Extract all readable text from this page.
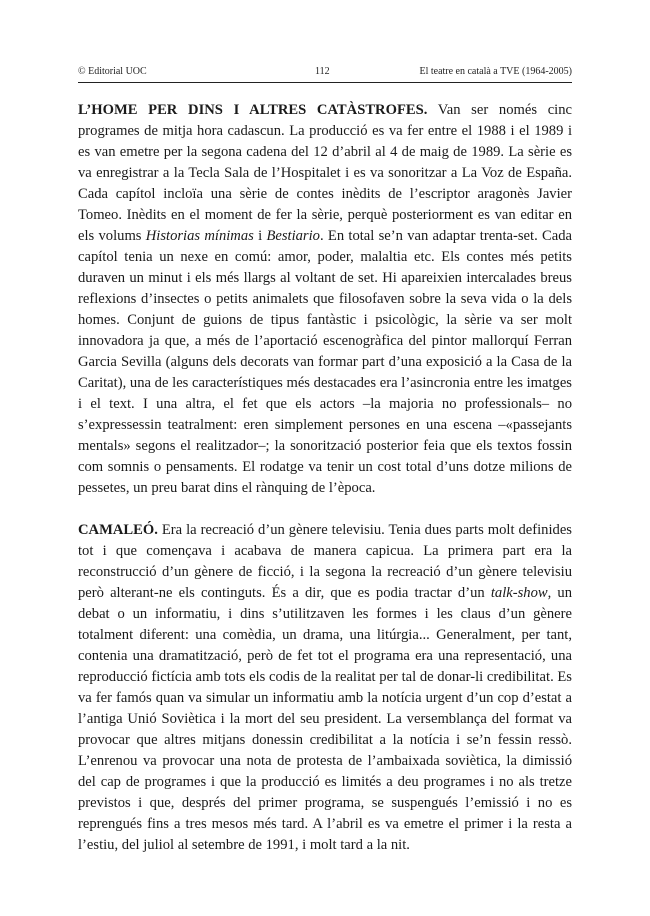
© Editorial UOC	112	El teatre en català a TVE (1964-2005)

L’HOME PER DINS I ALTRES CATÀSTROFES. Van ser només cinc programes de mitja hora cadascun. La producció es va fer entre el 1988 i el 1989 i es van emetre per la segona cadena del 12 d’abril al 4 de maig de 1989. La sèrie es va enregistrar a la Tecla Sala de l’Hospitalet i es va sonoritzar a La Voz de España. Cada capítol incloïa una sèrie de contes inèdits de l’escriptor aragonès Javier Tomeo. Inèdits en el moment de fer la sèrie, perquè posteriorment es van editar en els volums Historias mínimas i Bestiario. En total se’n van adaptar trenta-set. Cada capítol tenia un nexe en comú: amor, poder, malaltia etc. Els contes més petits duraven un minut i els més llargs al voltant de set. Hi apareixien intercalades breus reflexions d’insectes o petits animalets que filosofaven sobre la seva vida o la dels homes. Conjunt de guions de tipus fantàstic i psicològic, la sèrie va ser molt innovadora ja que, a més de l’aportació escenogràfica del pintor mallorquí Ferran Garcia Sevilla (alguns dels decorats van formar part d’una exposició a la Casa de la Caritat), una de les característiques més destacades era l’asincronia entre les imatges i el text. I una altra, el fet que els actors –la majoria no professionals– no s’expressessin teatralment: eren simplement persones en una escena –«passejants mentals» segons el realitzador–; la sonorització posterior feia que els textos fossin com somnis o pensaments. El rodatge va tenir un cost total d’uns dotze milions de pessetes, un preu barat dins el rànquing de l’època.

CAMALEÓ. Era la recreació d’un gènere televisiu. Tenia dues parts molt definides tot i que començava i acabava de manera capicua. La primera part era la reconstrucció d’un gènere de ficció, i la segona la recreació d’un gènere televisiu però alterant-ne els continguts. És a dir, que es podia tractar d’un talk-show, un debat o un informatiu, i dins s’utilitzaven les formes i les claus d’un gènere totalment diferent: una comèdia, un drama, una litúrgia... Generalment, per tant, contenia una dramatització, però de fet tot el programa era una representació, una reproducció fictícia amb tots els codis de la realitat per tal de donar-li credibilitat. Es va fer famós quan va simular un informatiu amb la notícia urgent d’un cop d’estat a l’antiga Unió Soviètica i la mort del seu president. La versemblança del format va provocar que altres mitjans donessin credibilitat a la notícia i se’n fessin ressò. L’enrenou va provocar una nota de protesta de l’ambaixada soviètica, la dimissió del cap de programes i que la producció es limités a deu programes i no als tretze previstos i que, després del primer programa, se suspengués l’emissió i no es reprengués fins a tres mesos més tard. A l’abril es va emetre el primer i la resta a l’estiu, del juliol al setembre de 1991, i molt tard a la nit.
